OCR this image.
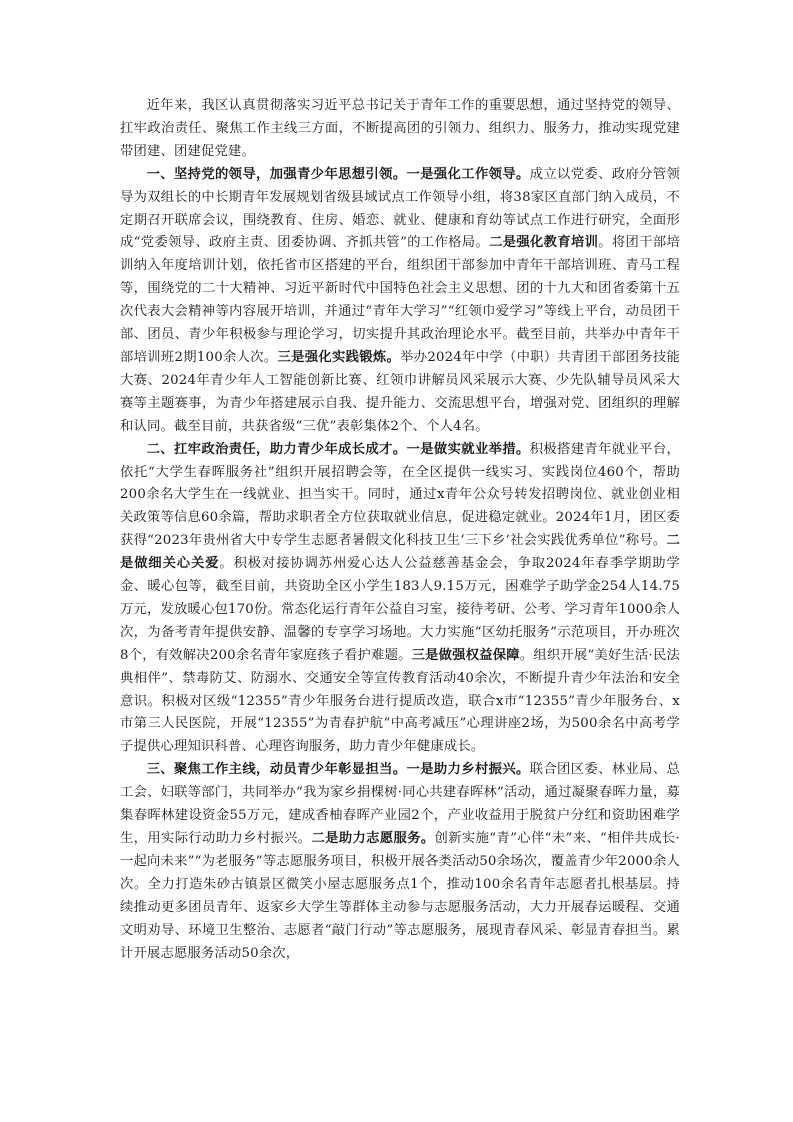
近年来，我区认真贯彻落实习近平总书记关于青年工作的重要思想，通过坚持党的领导、扛牢政治责任、聚焦工作主线三方面，不断提高团的引领力、组织力、服务力，推动实现党建带团建、团建促党建。

一、坚持党的领导，加强青少年思想引领。一是强化工作领导。成立以党委、政府分管领导为双组长的中长期青年发展规划省级县域试点工作领导小组，将38家区直部门纳入成员，不定期召开联席会议，围绕教育、住房、婚恋、就业、健康和育幼等试点工作进行研究，全面形成“党委领导、政府主责、团委协调、齐抓共管”的工作格局。二是强化教育培训。将团干部培训纳入年度培训计划，依托省市区搭建的平台，组织团干部参加中青年干部培训班、青马工程等，围绕党的二十大精神、习近平新时代中国特色社会主义思想、团的十九大和团省委第十五次代表大会精神等内容展开培训，并通过“青年大学习”“红领巾爱学习”等线上平台，动员团干部、团员、青少年积极参与理论学习，切实提升其政治理论水平。截至目前，共举办中青年干部培训班2期100余人次。三是强化实践锻炼。举办2024年中学（中职）共青团干部团务技能大赛、2024年青少年人工智能创新比赛、红领巾讲解员风采展示大赛、少先队辅导员风采大赛等主题赛事，为青少年搭建展示自我、提升能力、交流思想平台，增强对党、团组织的理解和认同。截至目前，共获省级“三优”表彰集体2个、个人4名。

二、扛牢政治责任，助力青少年成长成才。一是做实就业举措。积极搭建青年就业平台，依托“大学生春晖服务社”组织开展招聘会等，在全区提供一线实习、实践岗位460个，帮助200余名大学生在一线就业、担当实干。同时，通过x青年公众号转发招聘岗位、就业创业相关政策等信息60余篇，帮助求职者全方位获取就业信息，促进稳定就业。2024年1月，团区委获得“2023年贵州省大中专学生志愿者暑假文化科技卫生‘三下乡’社会实践优秀单位”称号。二是做细关心关爱。积极对接协调苏州爱心达人公益慈善基金会，争取2024年春季学期助学金、暖心包等，截至目前，共资助全区小学生183人9.15万元，困难学子助学金254人14.75万元，发放暖心包170份。常态化运行青年公益自习室，接待考研、公考、学习青年1000余人次，为备考青年提供安静、温馨的专享学习场地。大力实施“区幼托服务”示范项目，开办班次8个，有效解决200余名青年家庭孩子看护难题。三是做强权益保障。组织开展“美好生活·民法典相伴”、禁毒防艾、防溺水、交通安全等宣传教育活动40余次，不断提升青少年法治和安全意识。积极对区级“12355”青少年服务台进行提质改造，联合x市“12355”青少年服务台、x市第三人民医院，开展“12355”为青春护航“中高考减压”心理讲座2场，为500余名中高考学子提供心理知识科普、心理咨询服务，助力青少年健康成长。

三、聚焦工作主线，动员青少年彰显担当。一是助力乡村振兴。联合团区委、林业局、总工会、妇联等部门，共同举办“我为家乡捐棵树·同心共建春晖林”活动，通过凝聚春晖力量，募集春晖林建设资金55万元，建成香柚春晖产业园2个，产业收益用于脱贫户分红和资助困难学生，用实际行动助力乡村振兴。二是助力志愿服务。创新实施“青”心伴“未”来、“相伴共成长·一起向未来”“为老服务”等志愿服务项目，积极开展各类活动50余场次，覆盖青少年2000余人次。全力打造朱砂古镇景区微笑小屋志愿服务点1个，推动100余名青年志愿者扎根基层。持续推动更多团员青年、返家乡大学生等群体主动参与志愿服务活动，大力开展春运暖程、交通文明劝导、环境卫生整治、志愿者“敲门行动”等志愿服务，展现青春风采、彰显青春担当。累计开展志愿服务活动50余次，
